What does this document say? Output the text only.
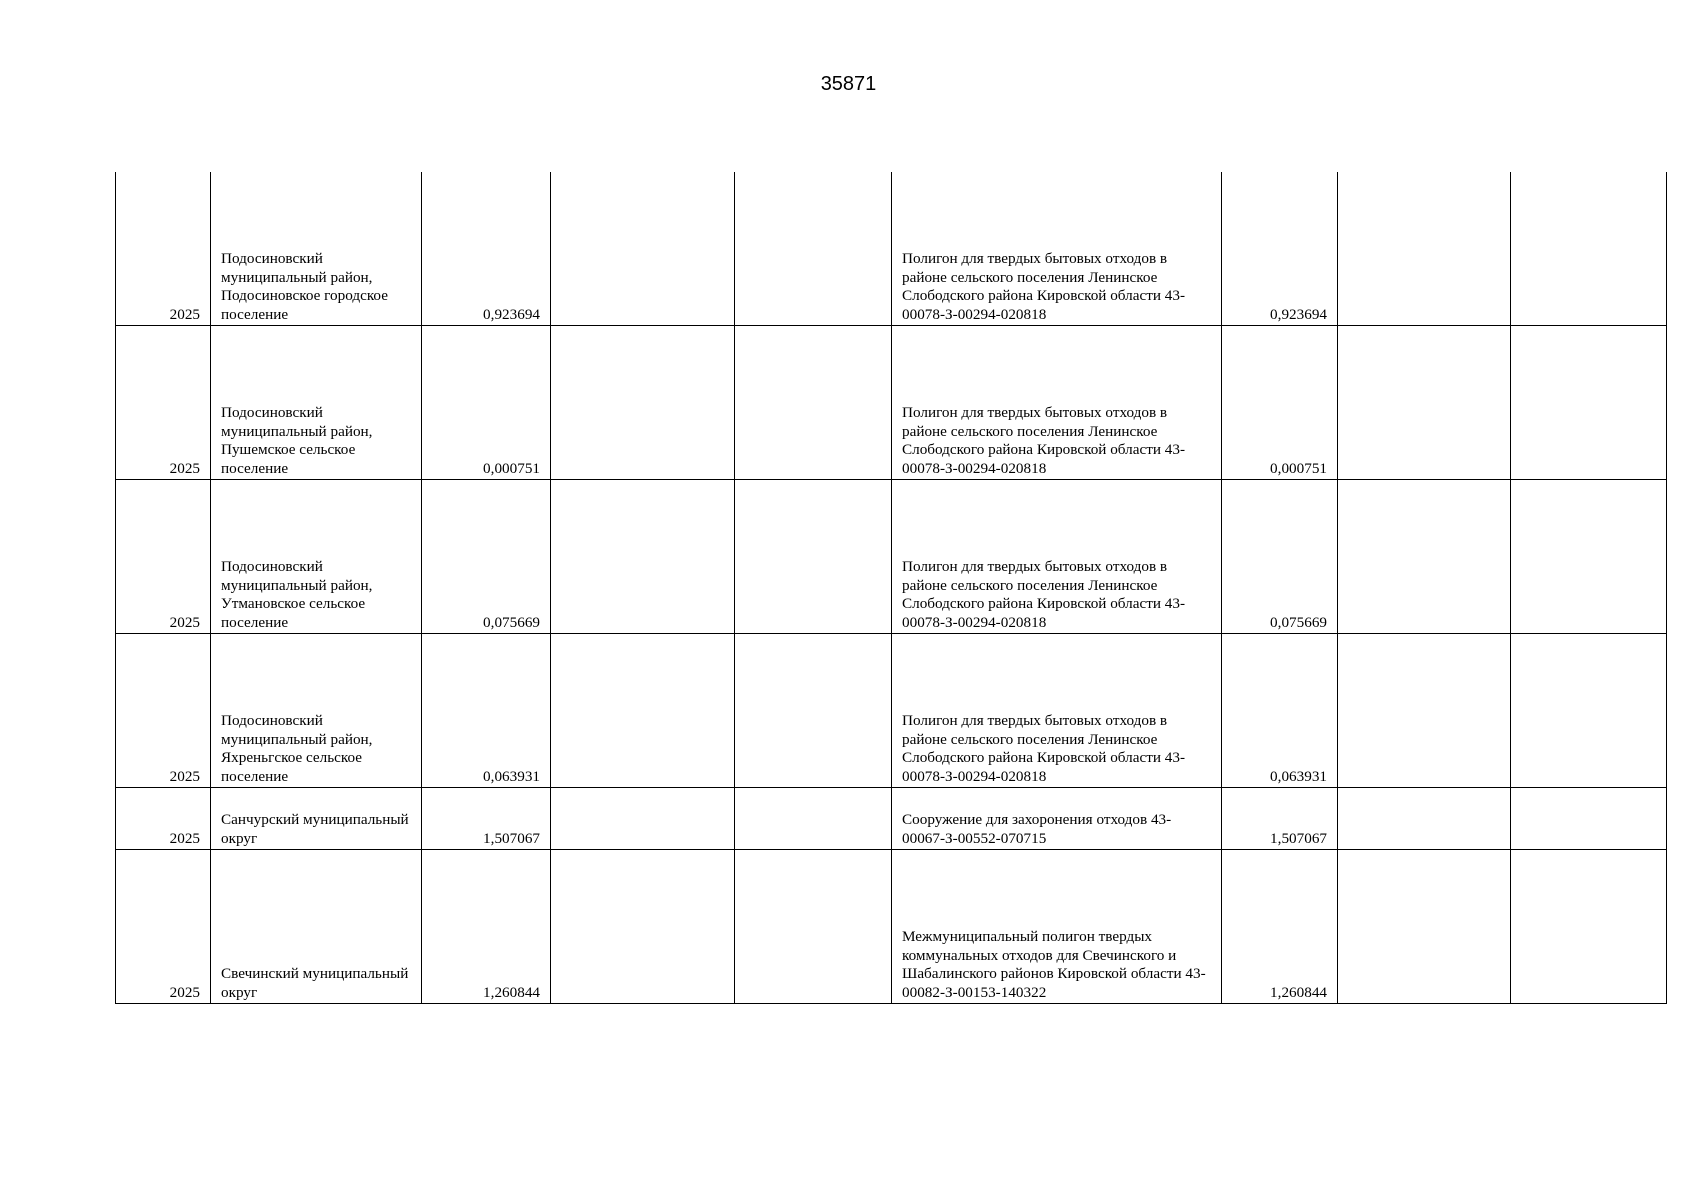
35871
2025	Подосиновский муниципальный район, Подосиновское городское поселение	0,923694			Полигон для твердых бытовых отходов в районе сельского поселения Ленинское Слободского района Кировской области 43-00078-З-00294-020818	0,923694		
2025	Подосиновский муниципальный район, Пушемское сельское поселение	0,000751			Полигон для твердых бытовых отходов в районе сельского поселения Ленинское Слободского района Кировской области 43-00078-З-00294-020818	0,000751		
2025	Подосиновский муниципальный район, Утмановское сельское поселение	0,075669			Полигон для твердых бытовых отходов в районе сельского поселения Ленинское Слободского района Кировской области 43-00078-З-00294-020818	0,075669		
2025	Подосиновский муниципальный район, Яхреньгское сельское поселение	0,063931			Полигон для твердых бытовых отходов в районе сельского поселения Ленинское Слободского района Кировской области 43-00078-З-00294-020818	0,063931		
2025	Санчурский муниципальный округ	1,507067			Сооружение для захоронения отходов 43-00067-З-00552-070715	1,507067		
2025	Свечинский муниципальный округ	1,260844			Межмуниципальный полигон твердых коммунальных отходов для Свечинского и Шабалинского районов Кировской области 43-00082-З-00153-140322	1,260844		
